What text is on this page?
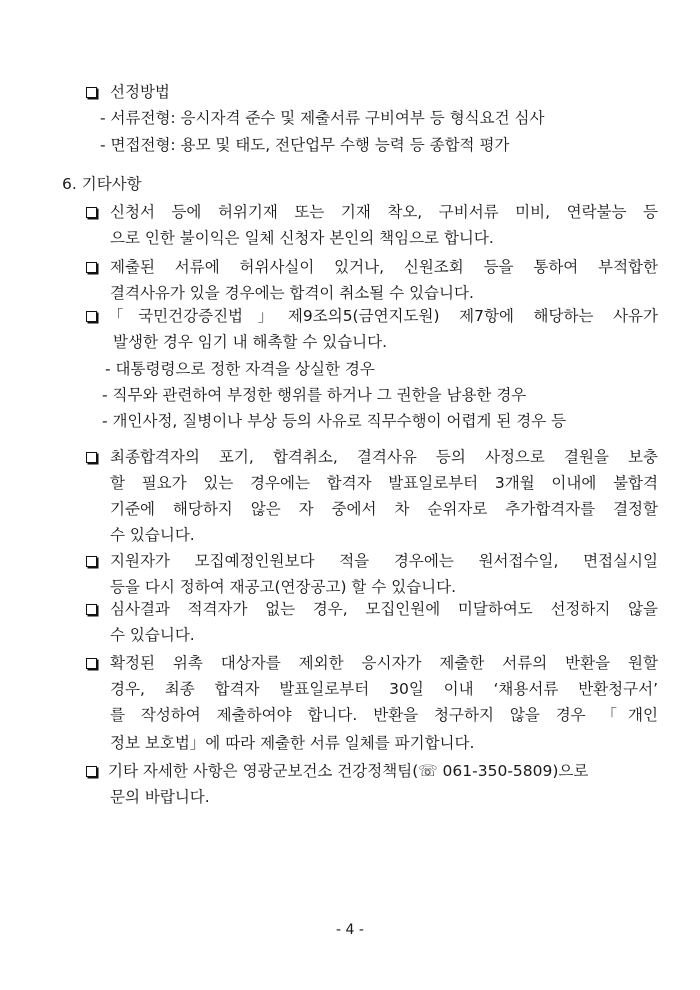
선정방법
- 서류전형: 응시자격 준수 및 제출서류 구비여부 등 형식요건 심사
- 면접전형: 용모 및 태도, 전단업무 수행 능력 등 종합적 평가
6. 기타사항
신청서 등에 허위기재 또는 기재 착오, 구비서류 미비, 연락불능 등
으로 인한 불이익은 일체 신청자 본인의 책임으로 합니다.
제출된 서류에 허위사실이 있거나, 신원조회 등을 통하여 부적합한
결격사유가 있을 경우에는 합격이 취소될 수 있습니다.
「국민건강증진법」제9조의5(금연지도원) 제7항에 해당하는 사유가
발생한 경우 임기 내 해촉할 수 있습니다.
- 대통령령으로 정한 자격을 상실한 경우
- 직무와 관련하여 부정한 행위를 하거나 그 권한을 남용한 경우
- 개인사정, 질병이나 부상 등의 사유로 직무수행이 어렵게 된 경우 등
최종합격자의 포기, 합격취소, 결격사유 등의 사정으로 결원을 보충
할 필요가 있는 경우에는 합격자 발표일로부터 3개월 이내에 불합격
기준에 해당하지 않은 자 중에서 차 순위자로 추가합격자를 결정할
수 있습니다.
지원자가 모집예정인원보다 적을 경우에는 원서접수일, 면접실시일
등을 다시 정하여 재공고(연장공고) 할 수 있습니다.
심사결과 적격자가 없는 경우, 모집인원에 미달하여도 선정하지 않을
수 있습니다.
확정된 위촉 대상자를 제외한 응시자가 제출한 서류의 반환을 원할
경우, 최종 합격자 발표일로부터 30일 이내 ‘채용서류 반환청구서’
를 작성하여 제출하여야 합니다. 반환을 청구하지 않을 경우 「개인
정보 보호법」에 따라 제출한 서류 일체를 파기합니다.
기타 자세한 사항은 영광군보건소 건강정책팀(☏ 061-350-5809)으로
문의 바랍니다.
- 4 -
